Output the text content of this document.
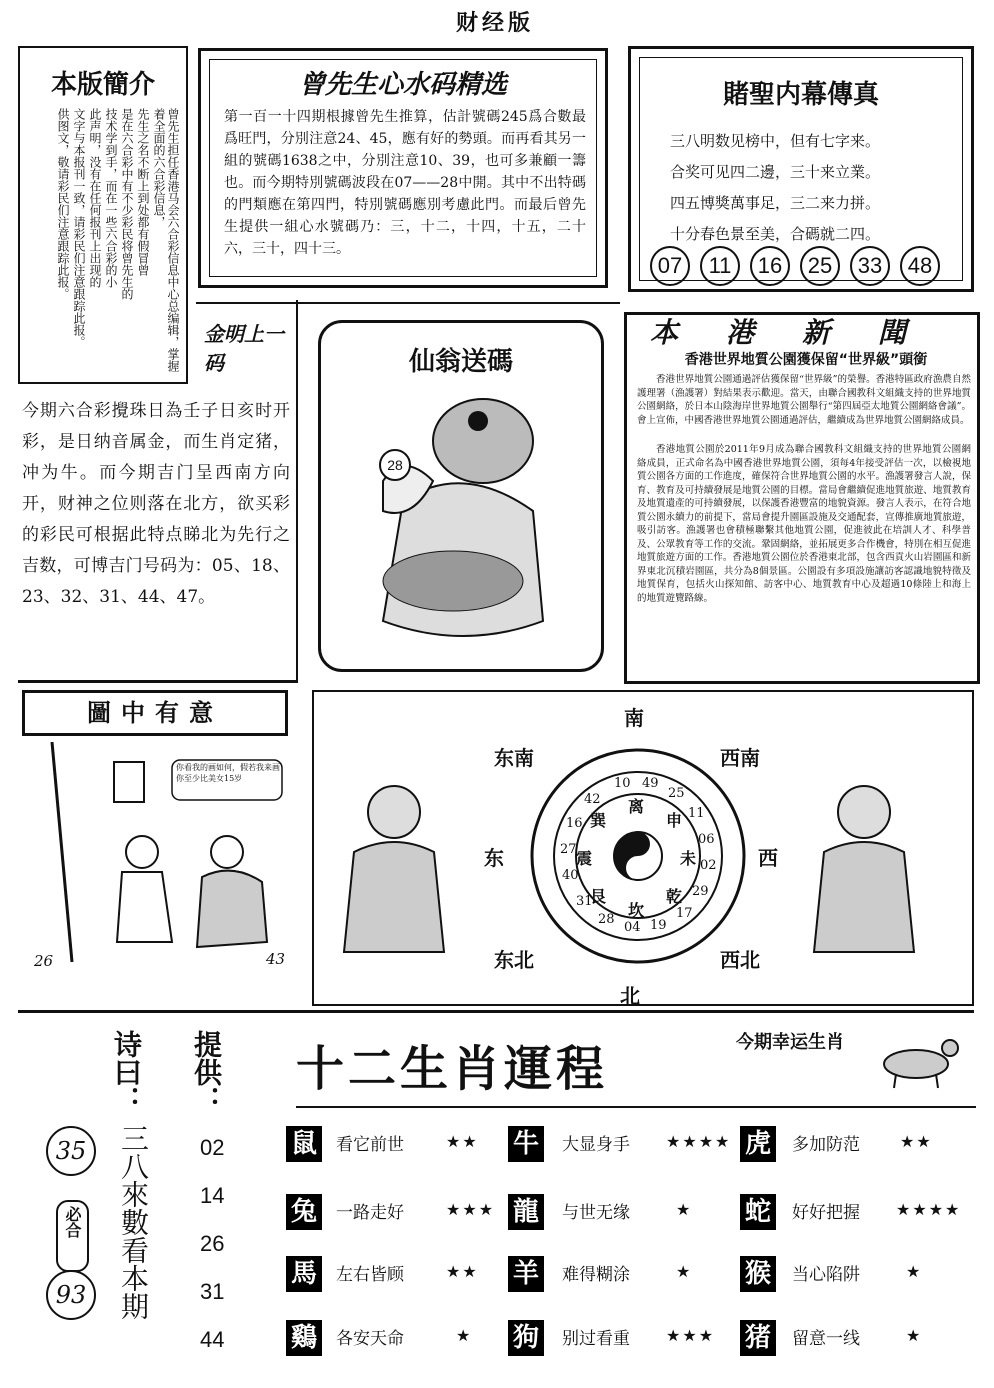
财经版
本版簡介
曾先生担任香港马会六合彩信息中心总编辑，掌握着全面的六合彩信息，
先生之名不断上到处都有假冒曾
是在六合彩中有不少彩民将曾先生的
技术学到手，而在一些六合彩的小
此声明，没有在任何报刊上出现的
文字与本报刊一致，请彩民们注意跟踪此报。
供图文，敬请彩民们注意跟踪此报。
曾先生心水码精选
第一百一十四期根據曾先生推算，估計號碼245爲合數最爲旺門，分別注意24、45，應有好的勢頭。而再看其另一組的號碼1638之中，分別注意10、39，也可多兼顧一籌也。而今期特別號碼波段在07——28中開。其中不出特碼的門類應在第四門，特別號碼應別考慮此門。而最后曾先生提供一組心水號碼乃：三，十二，十四，十五，二十六，三十，四十三。
賭聖内幕傳真
三八明数见榜中，但有七字来。
合奖可见四二邊，三十来立業。
四五博獎萬事足，三二来力拼。
十分春色景至美，合碼就二四。
07 11 16 25 33 48
金明上一码
今期六合彩攪珠日為壬子日亥时开彩，是日纳音属金，而生肖定猪，冲为牛。而今期吉门呈西南方向开，财神之位则落在北方，欲买彩的彩民可根据此特点睇北为先行之吉数，可博吉门号码为：05、18、23、32、31、44、47。
仙翁送碼
28
本港新聞
香港世界地質公園獲保留“世界級”頭銜
香港世界地質公園通過評估獲保留“世界級”的榮譽。香港特區政府漁農自然護理署（漁護署）對結果表示歡迎。當天，由聯合國教科文組織支持的世界地質公園網絡，於日本山陰海岸世界地質公園舉行“第四屆亞太地質公園網絡會議”。會上宣佈，中國香港世界地質公園通過評估，繼續成為世界地質公園網絡成員。
香港地質公園於2011年9月成為聯合國教科文組織支持的世界地質公園網絡成員，正式命名為中國香港世界地質公園，須每4年接受評估一次，以檢視地質公園各方面的工作進度，確保符合世界地質公園的水平。漁護署發言人說，保育、教育及可持續發展是地質公園的目標。當局會繼續促進地質旅遊、地質教育及地質遺產的可持續發展，以保護香港豐富的地貌資源。發言人表示，在符合地質公園永續力的前提下，當局會提升園區設施及交通配套，宣傳推廣地質旅遊，吸引訪客。漁護署也會積極聯繫其他地質公園，促進彼此在培訓人才、科學普及、公眾教育等工作的交流。鞏固網絡，並拓展更多合作機會，特別在相互促進地質旅遊方面的工作。香港地質公園位於香港東北部，包含西貢火山岩園區和新界東北沉積岩園區，共分為8個景區。公園設有多項設施讓訪客認識地貌特徵及地質保育，包括火山探知館、訪客中心、地質教育中心及超過10條陸上和海上的地質遊覽路線。
圖中有意
你看我的画如何，假若我来画你至少比美女15岁
26	43
南
东南	西南
东	西
东北	西北
北
离
申
未
乾
坎
艮
震
巽
10 49
25
11
06
02
29
17
19
04
28
31
40
27
16
42
诗曰： 提供：
三八來數看本期
35
必合
93
02
14
26
31
44
十二生肖運程	今期幸运生肖
鼠 看它前世	★★ 牛 大显身手 ★★★★ 虎 多加防范	★★
兔 一路走好	★★★ 龍 与世无缘	★ 蛇 好好把握 ★★★★
馬 左右皆顾	★★ 羊 难得糊涂	★ 猴 当心陷阱	★
鷄 各安天命	★ 狗 别过看重 ★★★ 猪 留意一线	★
